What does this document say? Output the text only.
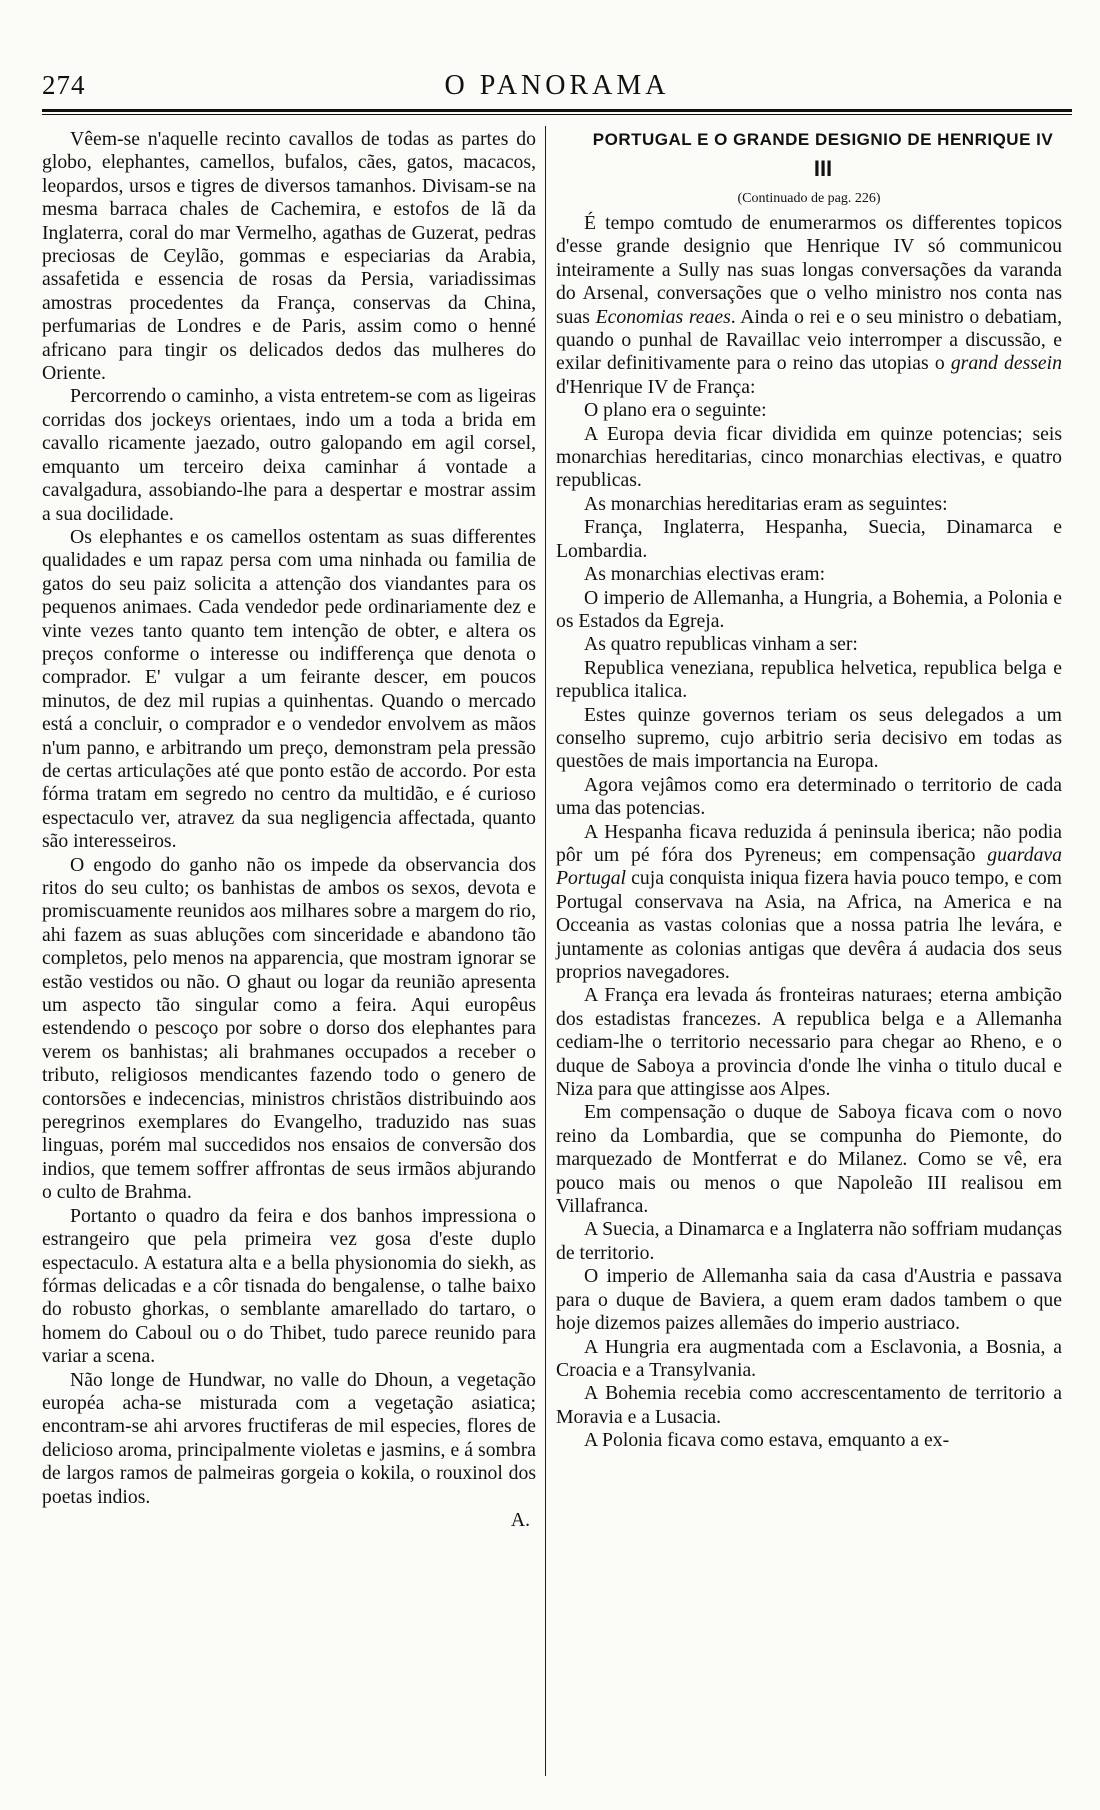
274	O PANORAMA

Vêem-se n'aquelle recinto cavallos de todas as partes do globo, elephantes, camellos, bufalos, cães, gatos, macacos, leopardos, ursos e tigres de diversos tamanhos. Divisam-se na mesma barraca chales de Cachemira, e estofos de lã da Inglaterra, coral do mar Vermelho, agathas de Guzerat, pedras preciosas de Ceylão, gommas e especiarias da Arabia, assafetida e essencia de rosas da Persia, variadissimas amostras procedentes da França, conservas da China, perfumarias de Londres e de Paris, assim como o henné africano para tingir os delicados dedos das mulheres do Oriente.

Percorrendo o caminho, a vista entretem-se com as ligeiras corridas dos jockeys orientaes, indo um a toda a brida em cavallo ricamente jaezado, outro galopando em agil corsel, emquanto um terceiro deixa caminhar á vontade a cavalgadura, assobiando-lhe para a despertar e mostrar assim a sua docilidade.

Os elephantes e os camellos ostentam as suas differentes qualidades e um rapaz persa com uma ninhada ou familia de gatos do seu paiz solicita a attenção dos viandantes para os pequenos animaes. Cada vendedor pede ordinariamente dez e vinte vezes tanto quanto tem intenção de obter, e altera os preços conforme o interesse ou indifferença que denota o comprador. E' vulgar a um feirante descer, em poucos minutos, de dez mil rupias a quinhentas. Quando o mercado está a concluir, o comprador e o vendedor envolvem as mãos n'um panno, e arbitrando um preço, demonstram pela pressão de certas articulações até que ponto estão de accordo. Por esta fórma tratam em segredo no centro da multidão, e é curioso espectaculo ver, atravez da sua negligencia affectada, quanto são interesseiros.

O engodo do ganho não os impede da observancia dos ritos do seu culto; os banhistas de ambos os sexos, devota e promiscuamente reunidos aos milhares sobre a margem do rio, ahi fazem as suas abluções com sinceridade e abandono tão completos, pelo menos na apparencia, que mostram ignorar se estão vestidos ou não. O ghaut ou logar da reunião apresenta um aspecto tão singular como a feira. Aqui europêus estendendo o pescoço por sobre o dorso dos elephantes para verem os banhistas; ali brahmanes occupados a receber o tributo, religiosos mendicantes fazendo todo o genero de contorsões e indecencias, ministros christãos distribuindo aos peregrinos exemplares do Evangelho, traduzido nas suas linguas, porém mal succedidos nos ensaios de conversão dos indios, que temem soffrer affrontas de seus irmãos abjurando o culto de Brahma.

Portanto o quadro da feira e dos banhos impressiona o estrangeiro que pela primeira vez gosa d'este duplo espectaculo. A estatura alta e a bella physionomia do siekh, as fórmas delicadas e a côr tisnada do bengalense, o talhe baixo do robusto ghorkas, o semblante amarellado do tartaro, o homem do Caboul ou o do Thibet, tudo parece reunido para variar a scena.

Não longe de Hundwar, no valle do Dhoun, a vegetação européa acha-se misturada com a vegetação asiatica; encontram-se ahi arvores fructiferas de mil especies, flores de delicioso aroma, principalmente violetas e jasmins, e á sombra de largos ramos de palmeiras gorgeia o kokila, o rouxinol dos poetas indios.

A.

PORTUGAL E O GRANDE DESIGNIO DE HENRIQUE IV

III

(Continuado de pag. 226)

É tempo comtudo de enumerarmos os differentes topicos d'esse grande designio que Henrique IV só communicou inteiramente a Sully nas suas longas conversações da varanda do Arsenal, conversações que o velho ministro nos conta nas suas Economias reaes. Ainda o rei e o seu ministro o debatiam, quando o punhal de Ravaillac veio interromper a discussão, e exilar definitivamente para o reino das utopias o grand dessein d'Henrique IV de França:

O plano era o seguinte:

A Europa devia ficar dividida em quinze potencias; seis monarchias hereditarias, cinco monarchias electivas, e quatro republicas.

As monarchias hereditarias eram as seguintes:

França, Inglaterra, Hespanha, Suecia, Dinamarca e Lombardia.

As monarchias electivas eram:

O imperio de Allemanha, a Hungria, a Bohemia, a Polonia e os Estados da Egreja.

As quatro republicas vinham a ser:

Republica veneziana, republica helvetica, republica belga e republica italica.

Estes quinze governos teriam os seus delegados a um conselho supremo, cujo arbitrio seria decisivo em todas as questões de mais importancia na Europa.

Agora vejâmos como era determinado o territorio de cada uma das potencias.

A Hespanha ficava reduzida á peninsula iberica; não podia pôr um pé fóra dos Pyreneus; em compensação guardava Portugal cuja conquista iniqua fizera havia pouco tempo, e com Portugal conservava na Asia, na Africa, na America e na Occeania as vastas colonias que a nossa patria lhe levára, e juntamente as colonias antigas que devêra á audacia dos seus proprios navegadores.

A França era levada ás fronteiras naturaes; eterna ambição dos estadistas francezes. A republica belga e a Allemanha cediam-lhe o territorio necessario para chegar ao Rheno, e o duque de Saboya a provincia d'onde lhe vinha o titulo ducal e Niza para que attingisse aos Alpes.

Em compensação o duque de Saboya ficava com o novo reino da Lombardia, que se compunha do Piemonte, do marquezado de Montferrat e do Milanez. Como se vê, era pouco mais ou menos o que Napoleão III realisou em Villafranca.

A Suecia, a Dinamarca e a Inglaterra não soffriam mudanças de territorio.

O imperio de Allemanha saia da casa d'Austria e passava para o duque de Baviera, a quem eram dados tambem o que hoje dizemos paizes allemães do imperio austriaco.

A Hungria era augmentada com a Esclavonia, a Bosnia, a Croacia e a Transylvania.

A Bohemia recebia como accrescentamento de territorio a Moravia e a Lusacia.

A Polonia ficava como estava, emquanto a ex-
